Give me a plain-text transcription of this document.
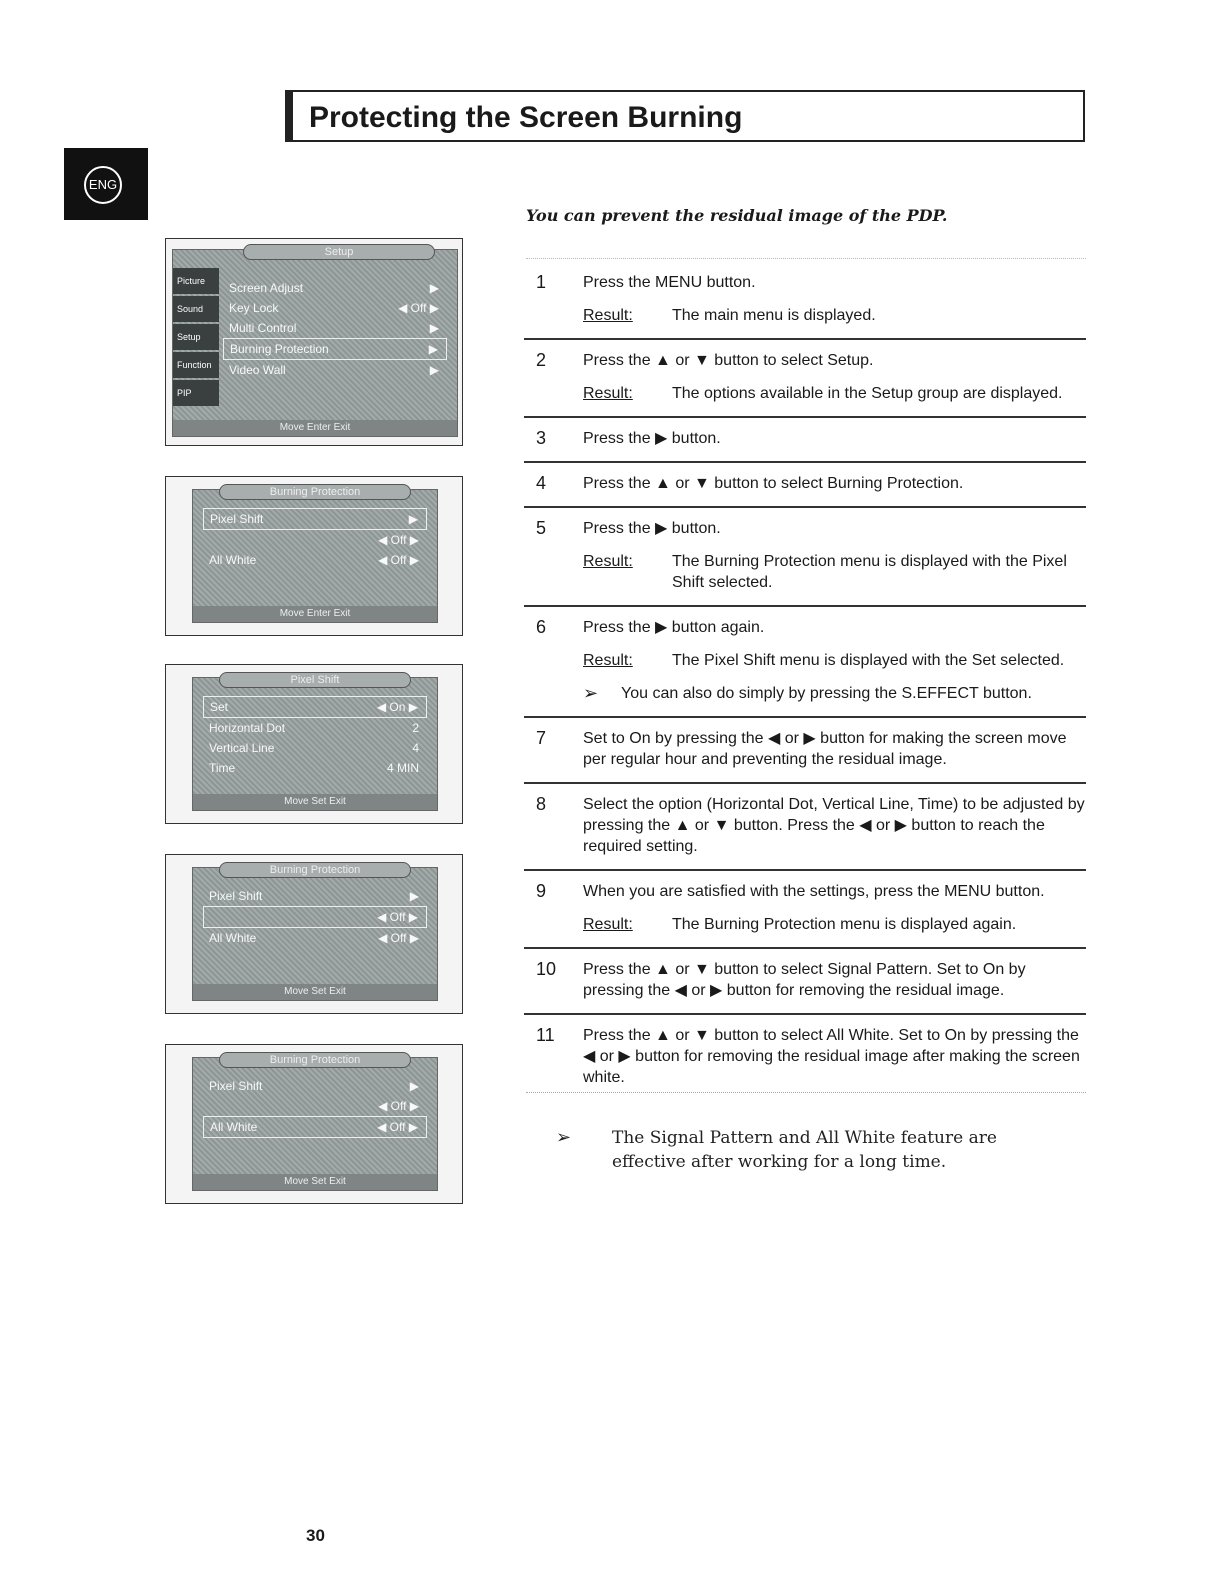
Protecting the Screen Burning
ENG
You can prevent the residual image of the PDP.
1 Press the MENU button.
Result:	The main menu is displayed.
2 Press the ▲ or ▼ button to select Setup.
Result:	The options available in the Setup group are displayed.
3 Press the ▶ button.
4 Press the ▲ or ▼ button to select Burning Protection.
5 Press the ▶ button.
Result:	The Burning Protection menu is displayed with the Pixel Shift selected.
6 Press the ▶ button again.
Result:	The Pixel Shift menu is displayed with the Set selected.
➢	You can also do simply by pressing the S.EFFECT button.
7 Set to On by pressing the ◀ or ▶ button for making the screen move per regular hour and preventing the residual image.
8 Select the option (Horizontal Dot, Vertical Line, Time) to be adjusted by pressing the ▲ or ▼ button. Press the ◀ or ▶ button to reach the required setting.
9 When you are satisfied with the settings, press the MENU button.
Result:	The Burning Protection menu is displayed again.
10 Press the ▲ or ▼ button to select Signal Pattern. Set to On by pressing the ◀ or ▶ button for removing the residual image.
11 Press the ▲ or ▼ button to select All White. Set to On by pressing the ◀ or ▶ button for removing the residual image after making the screen white.
➢	The Signal Pattern and All White feature are effective after working for a long time.
30
Setup
Picture
Sound
Setup
Function
PIP
Screen Adjust	▶
Key Lock	◀ Off ▶
Multi Control	▶
Burning Protection	▶
Video Wall	▶
Move Enter Exit
Burning Protection
Pixel Shift	▶
◀ Off ▶
All White	◀ Off ▶
Move Enter Exit
Pixel Shift
Set	◀ On ▶
Horizontal Dot	2
Vertical Line	4
Time	4 MIN
Move Set Exit
Burning Protection
Pixel Shift	▶
◀ Off ▶
All White	◀ Off ▶
Move Set Exit
Burning Protection
Pixel Shift	▶
◀ Off ▶
All White	◀ Off ▶
Move Set Exit
